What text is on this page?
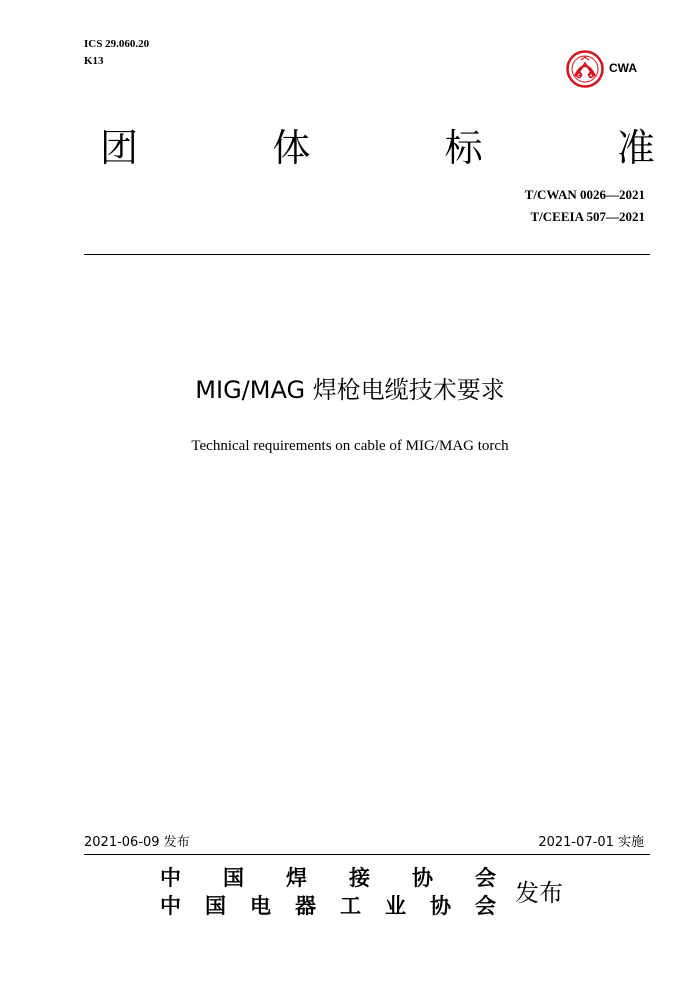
ICS 29.060.20
K13
C A
CWA
团	体	标	准
T/CWAN 0026—2021
T/CEEIA 507—2021
MIG/MAG 焊枪电缆技术要求
Technical requirements on cable of MIG/MAG torch
2021-06-09 发布	2021-07-01 实施
中 国 焊 接 协 会
中 国 电 器 工 业 协 会 发布
